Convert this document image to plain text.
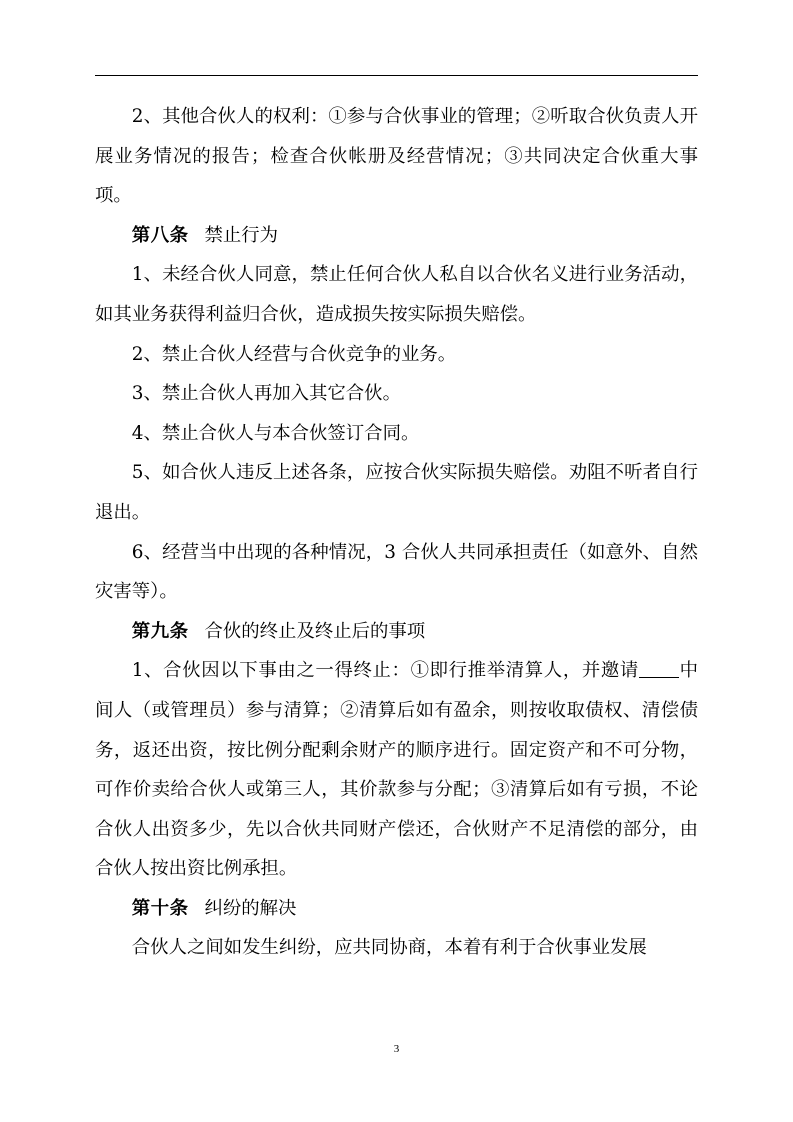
2、其他合伙人的权利：①参与合伙事业的管理；②听取合伙负责人开展业务情况的报告；检查合伙帐册及经营情况；③共同决定合伙重大事项。

第八条 禁止行为

1、未经合伙人同意，禁止任何合伙人私自以合伙名义进行业务活动，如其业务获得利益归合伙，造成损失按实际损失赔偿。

2、禁止合伙人经营与合伙竞争的业务。

3、禁止合伙人再加入其它合伙。

4、禁止合伙人与本合伙签订合同。

5、如合伙人违反上述各条，应按合伙实际损失赔偿。劝阻不听者自行退出。

6、经营当中出现的各种情况，3 合伙人共同承担责任（如意外、自然灾害等）。

第九条 合伙的终止及终止后的事项

1、合伙因以下事由之一得终止：①即行推举清算人，并邀请 中间人（或管理员）参与清算；②清算后如有盈余，则按收取债权、清偿债务，返还出资，按比例分配剩余财产的顺序进行。固定资产和不可分物，可作价卖给合伙人或第三人，其价款参与分配；③清算后如有亏损，不论合伙人出资多少，先以合伙共同财产偿还，合伙财产不足清偿的部分，由合伙人按出资比例承担。

第十条 纠纷的解决

合伙人之间如发生纠纷，应共同协商，本着有利于合伙事业发展

3
